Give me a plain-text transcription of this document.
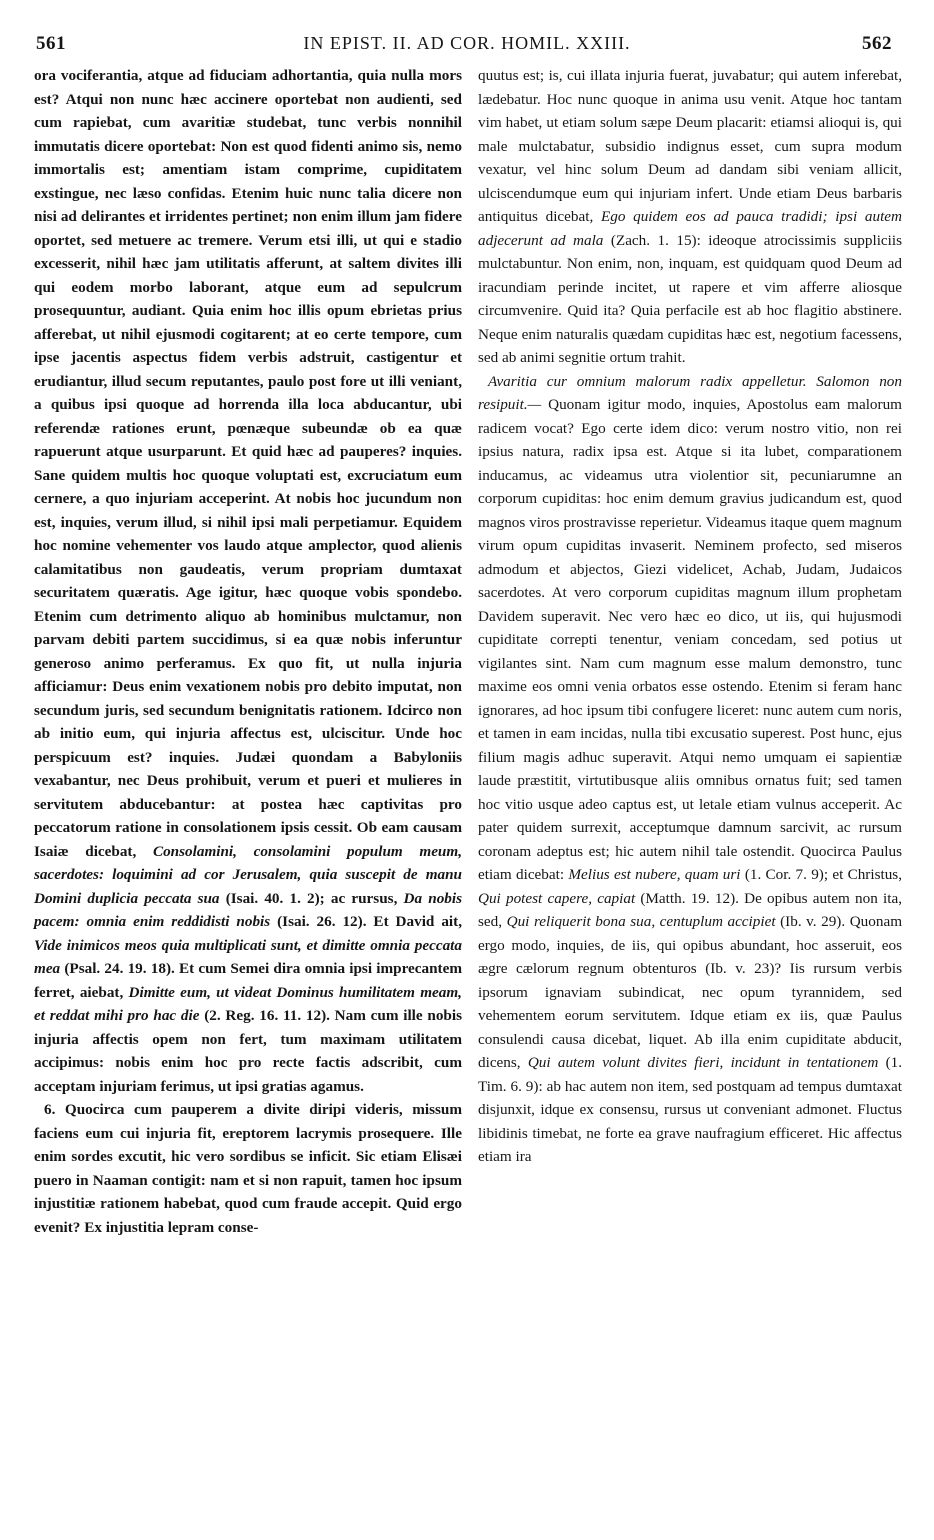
561	IN EPIST. II. AD COR. HOMIL. XXIII.	562

ora vociferantia, atque ad fiduciam adhortantia, quia nulla mors est? Atqui non nunc hæc accinere oportebat non audienti, sed cum rapiebat, cum avaritiæ studebat, tunc verbis nonnihil immutatis dicere oportebat: Non est quod fidenti animo sis, nemo immortalis est; amentiam istam comprime, cupiditatem exstingue, nec læso confidas. Etenim huic nunc talia dicere non nisi ad delirantes et irridentes pertinet; non enim illum jam fidere oportet, sed metuere ac tremere. Verum etsi illi, ut qui e stadio excesserit, nihil hæc jam utilitatis afferunt, at saltem divites illi qui eodem morbo laborant, atque eum ad sepulcrum prosequuntur, audiant. Quia enim hoc illis opum ebrietas prius afferebat, ut nihil ejusmodi cogitarent; at eo certe tempore, cum ipse jacentis aspectus fidem verbis adstruit, castigentur et erudiantur, illud secum reputantes, paulo post fore ut illi veniant, a quibus ipsi quoque ad horrenda illa loca abducantur, ubi referendæ rationes erunt, pœnæque subeundæ ob ea quæ rapuerunt atque usurparunt. Et quid hæc ad pauperes? inquies. Sane quidem multis hoc quoque voluptati est, excruciatum eum cernere, a quo injuriam acceperint. At nobis hoc jucundum non est, inquies, verum illud, si nihil ipsi mali perpetiamur. Equidem hoc nomine vehementer vos laudo atque amplector, quod alienis calamitatibus non gaudeatis, verum propriam dumtaxat securitatem quæratis. Age igitur, hæc quoque vobis spondebo. Etenim cum detrimento aliquo ab hominibus mulctamur, non parvam debiti partem succidimus, si ea quæ nobis inferuntur generoso animo perferamus. Ex quo fit, ut nulla injuria afficiamur: Deus enim vexationem nobis pro debito imputat, non secundum juris, sed secundum benignitatis rationem. Idcirco non ab initio eum, qui injuria affectus est, ulciscitur. Unde hoc perspicuum est? inquies. Judæi quondam a Babyloniis vexabantur, nec Deus prohibuit, verum et pueri et mulieres in servitutem abducebantur: at postea hæc captivitas pro peccatorum ratione in consolationem ipsis cessit. Ob eam causam Isaiæ dicebat, Consolamini, consolamini populum meum, sacerdotes: loquimini ad cor Jerusalem, quia suscepit de manu Domini duplicia peccata sua (Isai. 40. 1. 2); ac rursus, Da nobis pacem: omnia enim reddidisti nobis (Isai. 26. 12). Et David ait, Vide inimicos meos quia multiplicati sunt, et dimitte omnia peccata mea (Psal. 24. 19. 18). Et cum Semei dira omnia ipsi imprecantem ferret, aiebat, Dimitte eum, ut videat Dominus humilitatem meam, et reddat mihi pro hac die (2. Reg. 16. 11. 12). Nam cum ille nobis injuria affectis opem non fert, tum maximam utilitatem accipimus: nobis enim hoc pro recte factis adscribit, cum acceptam injuriam ferimus, ut ipsi gratias agamus.

6. Quocirca cum pauperem a divite diripi videris, missum faciens eum cui injuria fit, ereptorem lacrymis prosequere. Ille enim sordes excutit, hic vero sordibus se inficit. Sic etiam Elisæi puero in Naaman contigit: nam et si non rapuit, tamen hoc ipsum injustitiæ rationem habebat, quod cum fraude accepit. Quid ergo evenit? Ex injustitia lepram conse-

quutus est; is, cui illata injuria fuerat, juvabatur; qui autem inferebat, lædebatur. Hoc nunc quoque in anima usu venit. Atque hoc tantam vim habet, ut etiam solum sæpe Deum placarit: etiamsi alioqui is, qui male mulctabatur, subsidio indignus esset, cum supra modum vexatur, vel hinc solum Deum ad dandam sibi veniam allicit, ulciscendumque eum qui injuriam infert. Unde etiam Deus barbaris antiquitus dicebat, Ego quidem eos ad pauca tradidi; ipsi autem adjecerunt ad mala (Zach. 1. 15): ideoque atrocissimis suppliciis mulctabuntur. Non enim, non, inquam, est quidquam quod Deum ad iracundiam perinde incitet, ut rapere et vim afferre aliosque circumvenire. Quid ita? Quia perfacile est ab hoc flagitio abstinere. Neque enim naturalis quædam cupiditas hæc est, negotium facessens, sed ab animi segnitie ortum trahit.

Avaritia cur omnium malorum radix appelletur. Salomon non resipuit.— Quonam igitur modo, inquies, Apostolus eam malorum radicem vocat? Ego certe idem dico: verum nostro vitio, non rei ipsius natura, radix ipsa est. Atque si ita lubet, comparationem inducamus, ac videamus utra violentior sit, pecuniarumne an corporum cupiditas: hoc enim demum gravius judicandum est, quod magnos viros prostravisse reperietur. Videamus itaque quem magnum virum opum cupiditas invaserit. Neminem profecto, sed miseros admodum et abjectos, Giezi videlicet, Achab, Judam, Judaicos sacerdotes. At vero corporum cupiditas magnum illum prophetam Davidem superavit. Nec vero hæc eo dico, ut iis, qui hujusmodi cupiditate correpti tenentur, veniam concedam, sed potius ut vigilantes sint. Nam cum magnum esse malum demonstro, tunc maxime eos omni venia orbatos esse ostendo. Etenim si feram hanc ignorares, ad hoc ipsum tibi confugere liceret: nunc autem cum noris, et tamen in eam incidas, nulla tibi excusatio superest. Post hunc, ejus filium magis adhuc superavit. Atqui nemo umquam ei sapientiæ laude præstitit, virtutibusque aliis omnibus ornatus fuit; sed tamen hoc vitio usque adeo captus est, ut letale etiam vulnus acceperit. Ac pater quidem surrexit, acceptumque damnum sarcivit, ac rursum coronam adeptus est; hic autem nihil tale ostendit. Quocirca Paulus etiam dicebat: Melius est nubere, quam uri (1. Cor. 7. 9); et Christus, Qui potest capere, capiat (Matth. 19. 12). De opibus autem non ita, sed, Qui reliquerit bona sua, centuplum accipiet (Ib. v. 29). Quonam ergo modo, inquies, de iis, qui opibus abundant, hoc asseruit, eos ægre cælorum regnum obtenturos (Ib. v. 23)? Iis rursum verbis ipsorum ignaviam subindicat, nec opum tyrannidem, sed vehementem eorum servitutem. Idque etiam ex iis, quæ Paulus consulendi causa dicebat, liquet. Ab illa enim cupiditate abducit, dicens, Qui autem volunt divites fieri, incidunt in tentationem (1. Tim. 6. 9): ab hac autem non item, sed postquam ad tempus dumtaxat disjunxit, idque ex consensu, rursus ut conveniant admonet. Fluctus libidinis timebat, ne forte ea grave naufragium efficeret. Hic affectus etiam ira
